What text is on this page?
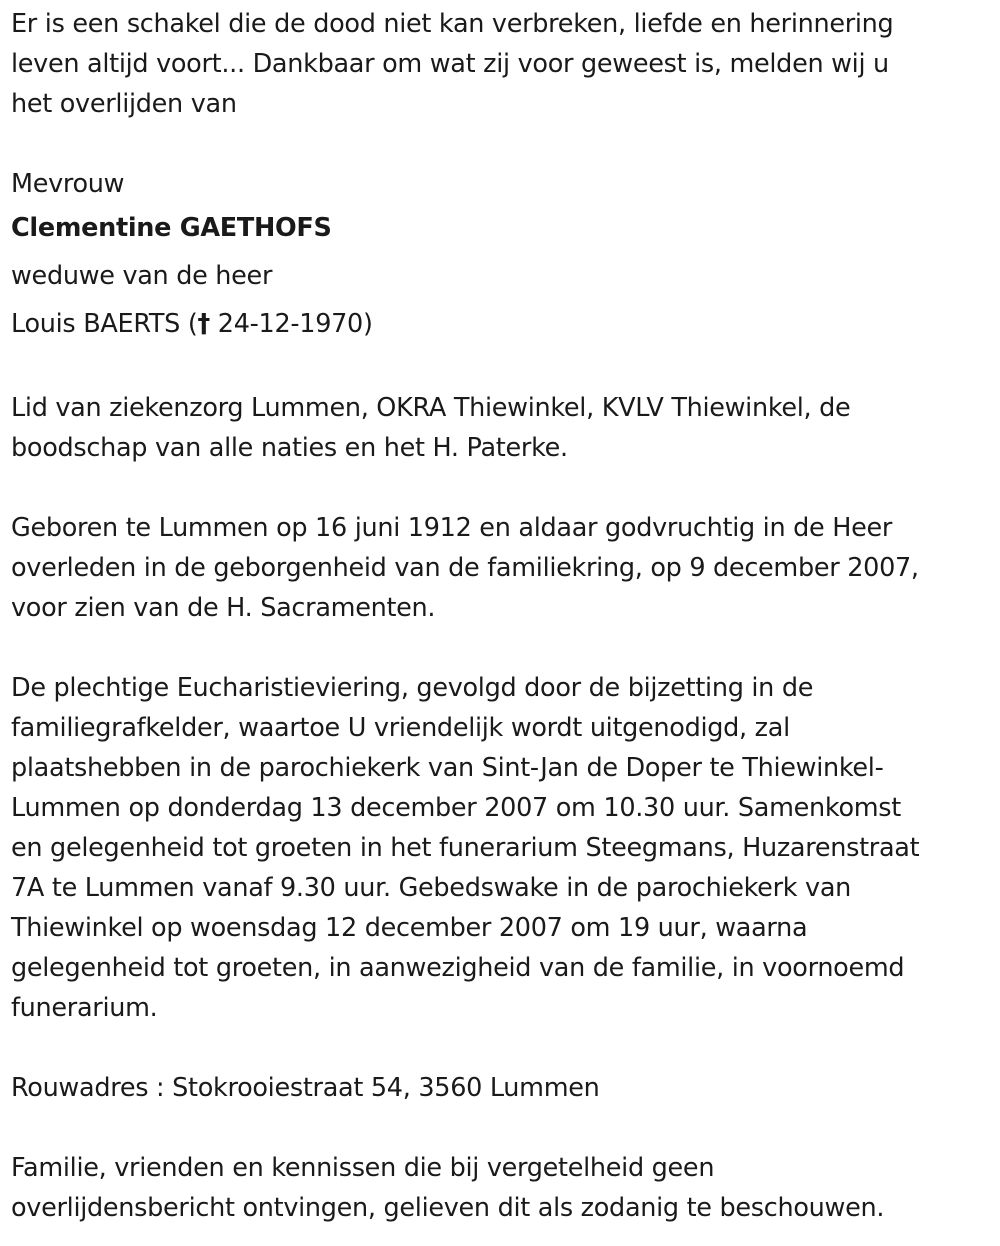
Er is een schakel die de dood niet kan verbreken, liefde en herinnering

leven altijd voort... Dankbaar om wat zij voor geweest is, melden wij u

het overlijden van

Mevrouw

Clementine GAETHOFS

weduwe van de heer

Louis BAERTS († 24-12-1970)

Lid van ziekenzorg Lummen, OKRA Thiewinkel, KVLV Thiewinkel, de

boodschap van alle naties en het H. Paterke.

Geboren te Lummen op 16 juni 1912 en aldaar godvruchtig in de Heer

overleden in de geborgenheid van de familiekring, op 9 december 2007,

voor zien van de H. Sacramenten.

De plechtige Eucharistieviering, gevolgd door de bijzetting in de

familiegrafkelder, waartoe U vriendelijk wordt uitgenodigd, zal

plaatshebben in de parochiekerk van Sint-Jan de Doper te Thiewinkel-

Lummen op donderdag 13 december 2007 om 10.30 uur. Samenkomst

en gelegenheid tot groeten in het funerarium Steegmans, Huzarenstraat

7A te Lummen vanaf 9.30 uur. Gebedswake in de parochiekerk van

Thiewinkel op woensdag 12 december 2007 om 19 uur, waarna

gelegenheid tot groeten, in aanwezigheid van de familie, in voornoemd

funerarium.

Rouwadres : Stokrooiestraat 54, 3560 Lummen

Familie, vrienden en kennissen die bij vergetelheid geen

overlijdensbericht ontvingen, gelieven dit als zodanig te beschouwen.
